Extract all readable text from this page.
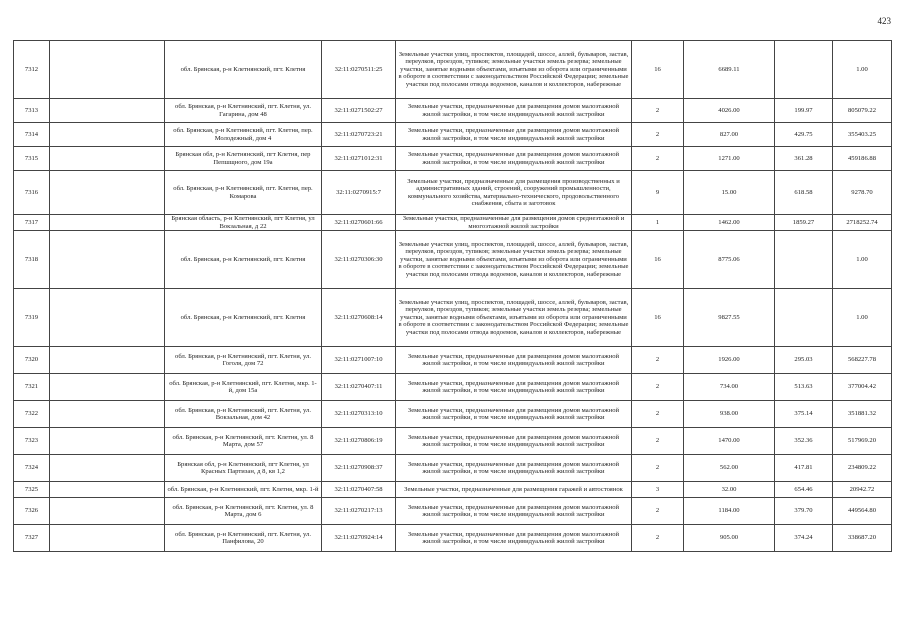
423
7312		обл. Брянская, р-н Клетнянский, пгт. Клетня	32:11:0270511:25	Земельные участки улиц, проспектов, площадей, шоссе, аллей, бульваров, застав, переулков, проездов, тупиков; земельные участки земель резерва; земельные участки, занятые водными объектами, изъятыми из оборота или ограниченными в обороте в соответствии с законодательством Российской Федерации; земельные участки под полосами отвода водоемов, каналов и коллекторов, набережные	16	6689.11		1.00
7313		обл. Брянская, р-н Клетнянский, пгт. Клетня, ул. Гагарина, дом 48	32:11:0271502:27	Земельные участки, предназначенные для размещения домов малоэтажной жилой застройки, в том числе индивидуальной жилой застройки	2	4026.00	199.97	805079.22
7314		обл. Брянская, р-н Клетнянский, пгт. Клетня, пер. Молодежный, дом 4	32:11:0270723:21	Земельные участки, предназначенные для размещения домов малоэтажной жилой застройки, в том числе индивидуальной жилой застройки	2	827.00	429.75	355403.25
7315		Брянская обл, р-н Клетнянский, пгт Клетня, пер Пепшщного, дом 19а	32:11:0271012:31	Земельные участки, предназначенные для размещения домов малоэтажной жилой застройки, в том числе индивидуальной жилой застройки	2	1271.00	361.28	459186.88
7316		обл. Брянская, р-н Клетнянский, пгт. Клетня, пер. Комарова	32:11:0270915:7	Земельные участки, предназначенные для размещения производственных и административных зданий, строений, сооружений промышленности, коммунального хозяйства, материально-технического, продовольственного снабжения, сбыта и заготовок	9	15.00	618.58	9278.70
7317		Брянская область, р-н Клетнянский, пгт Клетня, ул Вокзальная, д 22	32:11:0270601:66	Земельные участки, предназначенные для размещения домов среднеэтажной и многоэтажной жилой застройки	1	1462.00	1859.27	2718252.74
7318		обл. Брянская, р-н Клетнянский, пгт. Клетня	32:11:0270306:30	Земельные участки улиц, проспектов, площадей, шоссе, аллей, бульваров, застав, переулков, проездов, тупиков; земельные участки земель резерва; земельные участки, занятые водными объектами, изъятыми из оборота или ограниченными в обороте в соответствии с законодательством Российской Федерации; земельные участки под полосами отвода водоемов, каналов и коллекторов, набережные	16	8775.06		1.00
7319		обл. Брянская, р-н Клетнянский, пгт. Клетня	32:11:0270608:14	Земельные участки улиц, проспектов, площадей, шоссе, аллей, бульваров, застав, переулков, проездов, тупиков; земельные участки земель резерва; земельные участки, занятые водными объектами, изъятыми из оборота или ограниченными в обороте в соответствии с законодательством Российской Федерации; земельные участки под полосами отвода водоемов, каналов и коллекторов, набережные	16	9827.55		1.00
7320		обл. Брянская, р-н Клетнянский, пгт. Клетня, ул. Гоголя, дом 72	32:11:0271007:10	Земельные участки, предназначенные для размещения домов малоэтажной жилой застройки, в том числе индивидуальной жилой застройки	2	1926.00	295.03	568227.78
7321		обл. Брянская, р-н Клетнянский, пгт. Клетня, мкр. 1-й, дом 15а	32:11:0270407:11	Земельные участки, предназначенные для размещения домов малоэтажной жилой застройки, в том числе индивидуальной жилой застройки	2	734.00	513.63	377004.42
7322		обл. Брянская, р-н Клетнянский, пгт. Клетня, ул. Вокзальная, дом 42	32:11:0270313:10	Земельные участки, предназначенные для размещения домов малоэтажной жилой застройки, в том числе индивидуальной жилой застройки	2	938.00	375.14	351881.32
7323		обл. Брянская, р-н Клетнянский, пгт. Клетня, ул. 8 Марта, дом 57	32:11:0270806:19	Земельные участки, предназначенные для размещения домов малоэтажной жилой застройки, в том числе индивидуальной жилой застройки	2	1470.00	352.36	517969.20
7324		Брянская обл, р-н Клетнянский, пгт Клетня, ул Красных Партизан, д 8, кв 1,2	32:11:0270908:37	Земельные участки, предназначенные для размещения домов малоэтажной жилой застройки, в том числе индивидуальной жилой застройки	2	562.00	417.81	234809.22
7325		обл. Брянская, р-н Клетнянский, пгт. Клетня, мкр. 1-й	32:11:0270407:58	Земельные участки, предназначенные для размещения гаражей и автостоянок	3	32.00	654.46	20942.72
7326		обл. Брянская, р-н Клетнянский, пгт. Клетня, ул. 8 Марта, дом 6	32:11:0270217:13	Земельные участки, предназначенные для размещения домов малоэтажной жилой застройки, в том числе индивидуальной жилой застройки	2	1184.00	379.70	449564.80
7327		обл. Брянская, р-н Клетнянский, пгт. Клетня, ул. Панфилова, 20	32:11:0270924:14	Земельные участки, предназначенные для размещения домов малоэтажной жилой застройки, в том числе индивидуальной жилой застройки	2	905.00	374.24	338687.20
